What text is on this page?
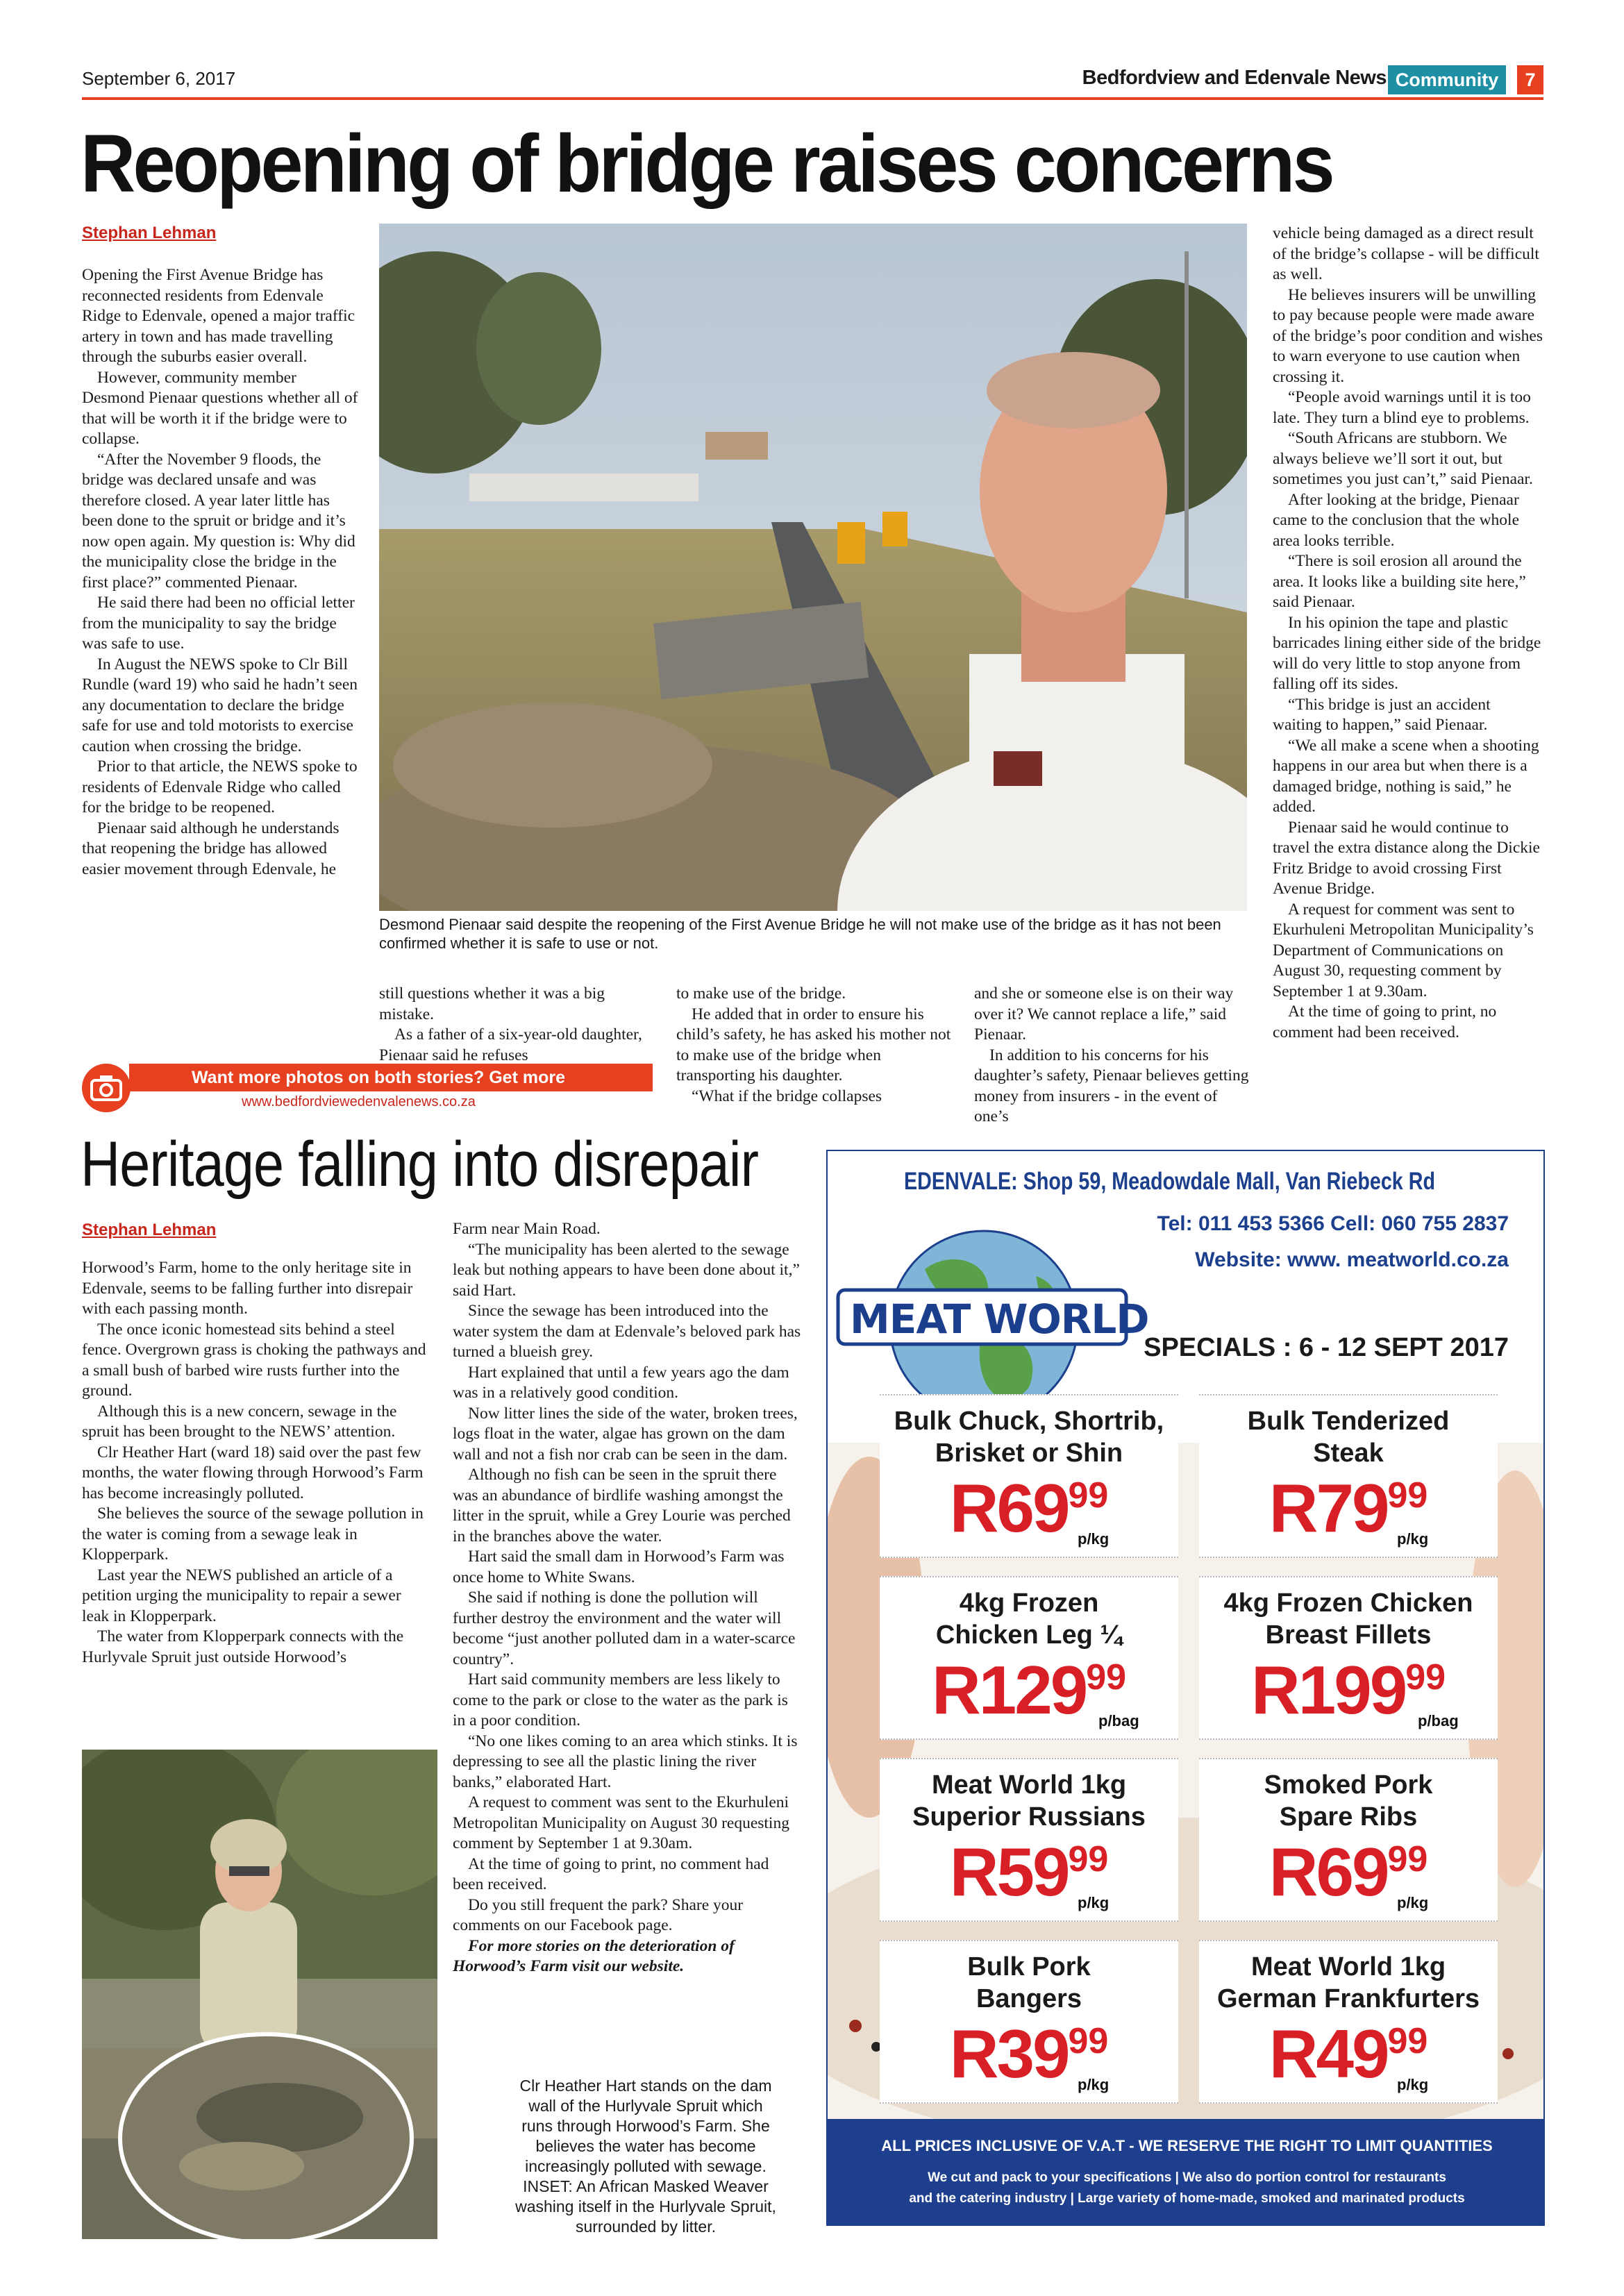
September 6, 2017	Bedfordview and Edenvale News Community	7
Reopening of bridge raises concerns
Stephan Lehman

Opening the First Avenue Bridge has reconnected residents from Edenvale Ridge to Edenvale, opened a major traffic artery in town and has made travelling through the suburbs easier overall.

However, community member Desmond Pienaar questions whether all of that will be worth it if the bridge were to collapse.

“After the November 9 floods, the bridge was declared unsafe and was therefore closed. A year later little has been done to the spruit or bridge and it’s now open again. My question is: Why did the municipality close the bridge in the first place?” commented Pienaar.

He said there had been no official letter from the municipality to say the bridge was safe to use.

In August the NEWS spoke to Clr Bill Rundle (ward 19) who said he hadn’t seen any documentation to declare the bridge safe for use and told motorists to exercise caution when crossing the bridge.

Prior to that article, the NEWS spoke to residents of Edenvale Ridge who called for the bridge to be reopened.

Pienaar said although he understands that reopening the bridge has allowed easier movement through Edenvale, he

Desmond Pienaar said despite the reopening of the First Avenue Bridge he will not make use of the bridge as it has not been confirmed whether it is safe to use or not.

still questions whether it was a big mistake.

As a father of a six-year-old daughter, Pienaar said he refuses

to make use of the bridge.

He added that in order to ensure his child’s safety, he has asked his mother not to make use of the bridge when transporting his daughter.

“What if the bridge collapses

and she or someone else is on their way over it? We cannot replace a life,” said Pienaar.

In addition to his concerns for his daughter’s safety, Pienaar believes getting money from insurers - in the event of one’s

vehicle being damaged as a direct result of the bridge’s collapse - will be difficult as well.

He believes insurers will be unwilling to pay because people were made aware of the bridge’s poor condition and wishes to warn everyone to use caution when crossing it.

“People avoid warnings until it is too late. They turn a blind eye to problems.

“South Africans are stubborn. We always believe we’ll sort it out, but sometimes you just can’t,” said Pienaar.

After looking at the bridge, Pienaar came to the conclusion that the whole area looks terrible.

“There is soil erosion all around the area. It looks like a building site here,” said Pienaar.

In his opinion the tape and plastic barricades lining either side of the bridge will do very little to stop anyone from falling off its sides.

“This bridge is just an accident waiting to happen,” said Pienaar.

“We all make a scene when a shooting happens in our area but when there is a damaged bridge, nothing is said,” he added.

Pienaar said he would continue to travel the extra distance along the Dickie Fritz Bridge to avoid crossing First Avenue Bridge.

A request for comment was sent to Ekurhuleni Metropolitan Municipality’s Department of Communications on August 30, requesting comment by September 1 at 9.30am.

At the time of going to print, no comment had been received.

Want more photos on both stories? Get more
www.bedfordviewedenvalenews.co.za
Heritage falling into disrepair
Stephan Lehman

Horwood’s Farm, home to the only heritage site in Edenvale, seems to be falling further into disrepair with each passing month.

The once iconic homestead sits behind a steel fence. Overgrown grass is choking the pathways and a small bush of barbed wire rusts further into the ground.

Although this is a new concern, sewage in the spruit has been brought to the NEWS’ attention.

Clr Heather Hart (ward 18) said over the past few months, the water flowing through Horwood’s Farm has become increasingly polluted.

She believes the source of the sewage pollution in the water is coming from a sewage leak in Klopperpark.

Last year the NEWS published an article of a petition urging the municipality to repair a sewer leak in Klopperpark.

The water from Klopperpark connects with the Hurlyvale Spruit just outside Horwood’s

Farm near Main Road.

“The municipality has been alerted to the sewage leak but nothing appears to have been done about it,” said Hart.

Since the sewage has been introduced into the water system the dam at Edenvale’s beloved park has turned a blueish grey.

Hart explained that until a few years ago the dam was in a relatively good condition.

Now litter lines the side of the water, broken trees, logs float in the water, algae has grown on the dam wall and not a fish nor crab can be seen in the dam.

Although no fish can be seen in the spruit there was an abundance of birdlife washing amongst the litter in the spruit, while a Grey Lourie was perched in the branches above the water.

Hart said the small dam in Horwood’s Farm was once home to White Swans.

She said if nothing is done the pollution will further destroy the environment and the water will become “just another polluted dam in a water-scarce country”.

Hart said community members are less likely to come to the park or close to the water as the park is in a poor condition.

“No one likes coming to an area which stinks. It is depressing to see all the plastic lining the river banks,” elaborated Hart.

A request to comment was sent to the Ekurhuleni Metropolitan Municipality on August 30 requesting comment by September 1 at 9.30am.

At the time of going to print, no comment had been received.

Do you still frequent the park? Share your comments on our Facebook page.

For more stories on the deterioration of Horwood’s Farm visit our website.

Clr Heather Hart stands on the dam
wall of the Hurlyvale Spruit which
runs through Horwood’s Farm. She
believes the water has become
increasingly polluted with sewage.
INSET: An African Masked Weaver
washing itself in the Hurlyvale Spruit,
surrounded by litter.
EDENVALE: Shop 59, Meadowdale Mall, Van Riebeck Rd
Tel: 011 453 5366 Cell: 060 755 2837
Website: www. meatworld.co.za
MEAT WORLD
SPECIALS : 6 - 12 SEPT 2017
Bulk Chuck, Shortrib,
Brisket or Shin
R6999
p/kg
Bulk Tenderized
Steak
R7999
p/kg
4kg Frozen
Chicken Leg ¼
R12999
p/bag
4kg Frozen Chicken
Breast Fillets
R19999
p/bag
Meat World 1kg
Superior Russians
R5999
p/kg
Smoked Pork
Spare Ribs
R6999
p/kg
Bulk Pork
Bangers
R3999
p/kg
Meat World 1kg
German Frankfurters
R4999
p/kg
ALL PRICES INCLUSIVE OF V.A.T - WE RESERVE THE RIGHT TO LIMIT QUANTITIES
We cut and pack to your specifications | We also do portion control for restaurants
and the catering industry | Large variety of home-made, smoked and marinated products
